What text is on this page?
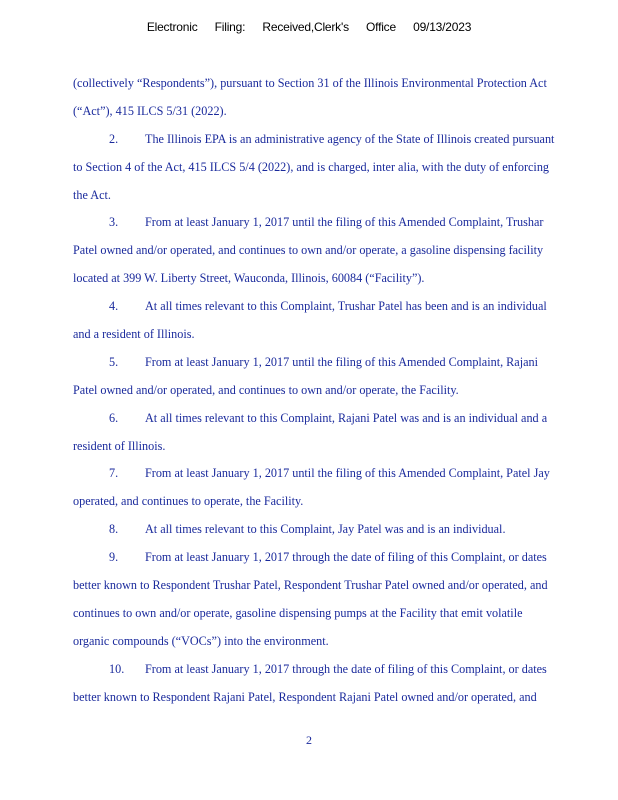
Electronic Filing: Received,Clerk's Office 09/13/2023
(collectively “Respondents”), pursuant to Section 31 of the Illinois Environmental Protection Act
(“Act”), 415 ILCS 5/31 (2022).
2. The Illinois EPA is an administrative agency of the State of Illinois created pursuant
to Section 4 of the Act, 415 ILCS 5/4 (2022), and is charged, inter alia, with the duty of enforcing
the Act.
3. From at least January 1, 2017 until the filing of this Amended Complaint, Trushar
Patel owned and/or operated, and continues to own and/or operate, a gasoline dispensing facility
located at 399 W. Liberty Street, Wauconda, Illinois, 60084 (“Facility”).
4. At all times relevant to this Complaint, Trushar Patel has been and is an individual
and a resident of Illinois.
5. From at least January 1, 2017 until the filing of this Amended Complaint, Rajani
Patel owned and/or operated, and continues to own and/or operate, the Facility.
6. At all times relevant to this Complaint, Rajani Patel was and is an individual and a
resident of Illinois.
7. From at least January 1, 2017 until the filing of this Amended Complaint, Patel Jay
operated, and continues to operate, the Facility.
8. At all times relevant to this Complaint, Jay Patel was and is an individual.
9. From at least January 1, 2017 through the date of filing of this Complaint, or dates
better known to Respondent Trushar Patel, Respondent Trushar Patel owned and/or operated, and
continues to own and/or operate, gasoline dispensing pumps at the Facility that emit volatile
organic compounds (“VOCs”) into the environment.
10. From at least January 1, 2017 through the date of filing of this Complaint, or dates
better known to Respondent Rajani Patel, Respondent Rajani Patel owned and/or operated, and
2
